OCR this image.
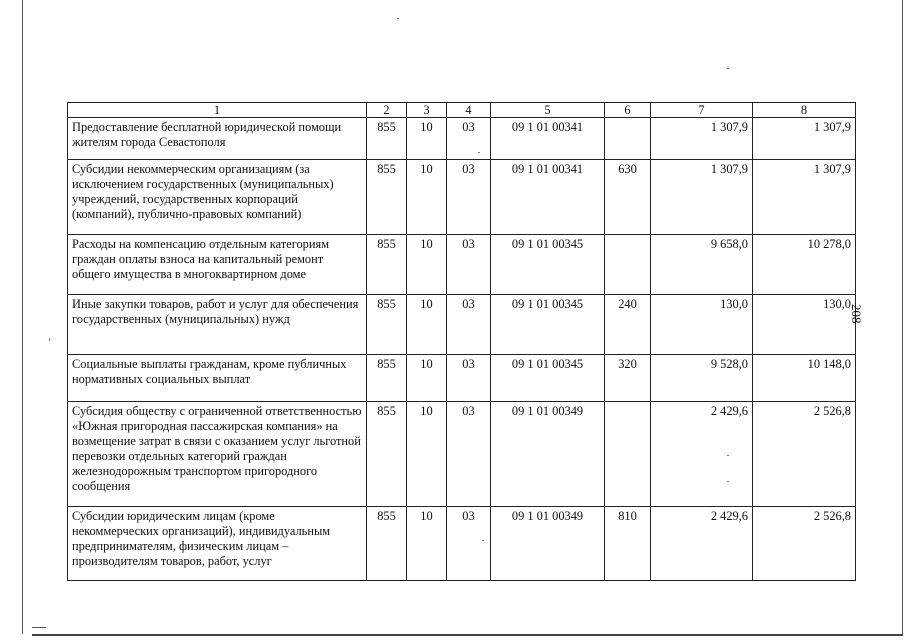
1	2	3	4	5	6	7	8
Предоставление бесплатной юридической помощи жителям города Севастополя	855	10	03	09 1 01 00341		1 307,9	1 307,9
Субсидии некоммерческим организациям (за исключением государственных (муниципальных) учреждений, государственных корпораций (компаний), публично-правовых компаний)	855	10	03	09 1 01 00341	630	1 307,9	1 307,9
Расходы на компенсацию отдельным категориям граждан оплаты взноса на капитальный ремонт общего имущества в многоквартирном доме	855	10	03	09 1 01 00345		9 658,0	10 278,0
Иные закупки товаров, работ и услуг для обеспечения государственных (муниципальных) нужд	855	10	03	09 1 01 00345	240	130,0	130,0
Социальные выплаты гражданам, кроме публичных нормативных социальных выплат	855	10	03	09 1 01 00345	320	9 528,0	10 148,0
Субсидия обществу с ограниченной ответственностью «Южная пригородная пассажирская компания» на возмещение затрат в связи с оказанием услуг льготной перевозки отдельных категорий граждан железнодорожным транспортом пригородного сообщения	855	10	03	09 1 01 00349		2 429,6	2 526,8
Субсидии юридическим лицам (кроме некоммерческих организаций), индивидуальным предпринимателям, физическим лицам – производителям товаров, работ, услуг	855	10	03	09 1 01 00349	810	2 429,6	2 526,8
208
